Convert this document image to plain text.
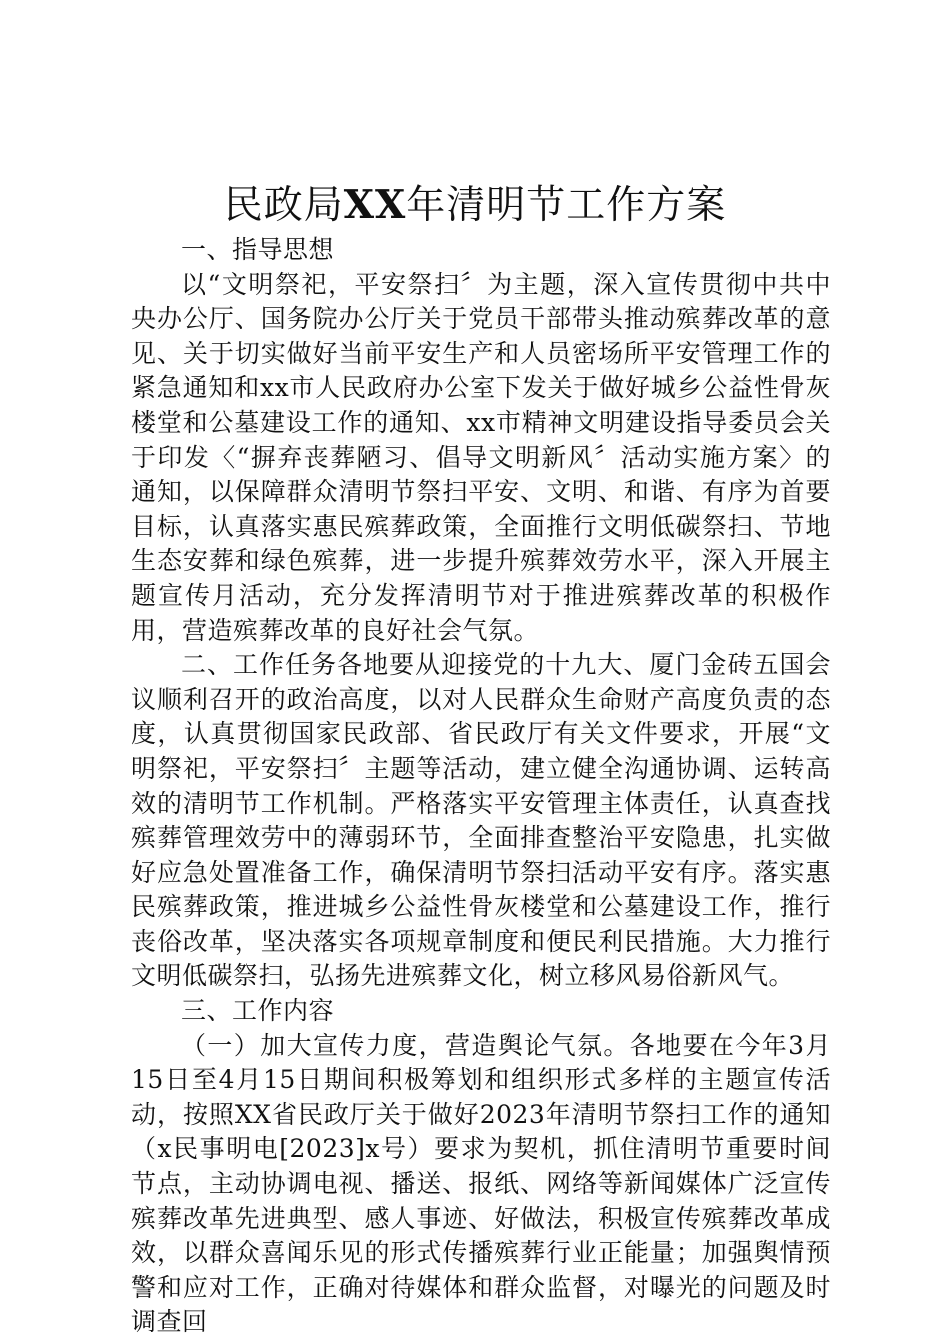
民政局XX年清明节工作方案

一、指导思想

以“文明祭祀，平安祭扫〞为主题，深入宣传贯彻中共中央办公厅、国务院办公厅关于党员干部带头推动殡葬改革的意见、关于切实做好当前平安生产和人员密场所平安管理工作的紧急通知和xx市人民政府办公室下发关于做好城乡公益性骨灰楼堂和公墓建设工作的通知、xx市精神文明建设指导委员会关于印发〈“摒弃丧葬陋习、倡导文明新风〞活动实施方案〉的通知，以保障群众清明节祭扫平安、文明、和谐、有序为首要目标，认真落实惠民殡葬政策，全面推行文明低碳祭扫、节地生态安葬和绿色殡葬，进一步提升殡葬效劳水平，深入开展主题宣传月活动，充分发挥清明节对于推进殡葬改革的积极作用，营造殡葬改革的良好社会气氛。

二、工作任务各地要从迎接党的十九大、厦门金砖五国会议顺利召开的政治高度，以对人民群众生命财产高度负责的态度，认真贯彻国家民政部、省民政厅有关文件要求，开展“文明祭祀，平安祭扫〞主题等活动，建立健全沟通协调、运转高效的清明节工作机制。严格落实平安管理主体责任，认真查找殡葬管理效劳中的薄弱环节，全面排查整治平安隐患，扎实做好应急处置准备工作，确保清明节祭扫活动平安有序。落实惠民殡葬政策，推进城乡公益性骨灰楼堂和公墓建设工作，推行丧俗改革，坚决落实各项规章制度和便民利民措施。大力推行文明低碳祭扫，弘扬先进殡葬文化，树立移风易俗新风气。

三、工作内容

（一）加大宣传力度，营造舆论气氛。各地要在今年3月15日至4月15日期间积极筹划和组织形式多样的主题宣传活动，按照XX省民政厅关于做好2023年清明节祭扫工作的通知（x民事明电[2023]x号）要求为契机，抓住清明节重要时间节点，主动协调电视、播送、报纸、网络等新闻媒体广泛宣传殡葬改革先进典型、感人事迹、好做法，积极宣传殡葬改革成效，以群众喜闻乐见的形式传播殡葬行业正能量；加强舆情预警和应对工作，正确对待媒体和群众监督，对曝光的问题及时调查回
